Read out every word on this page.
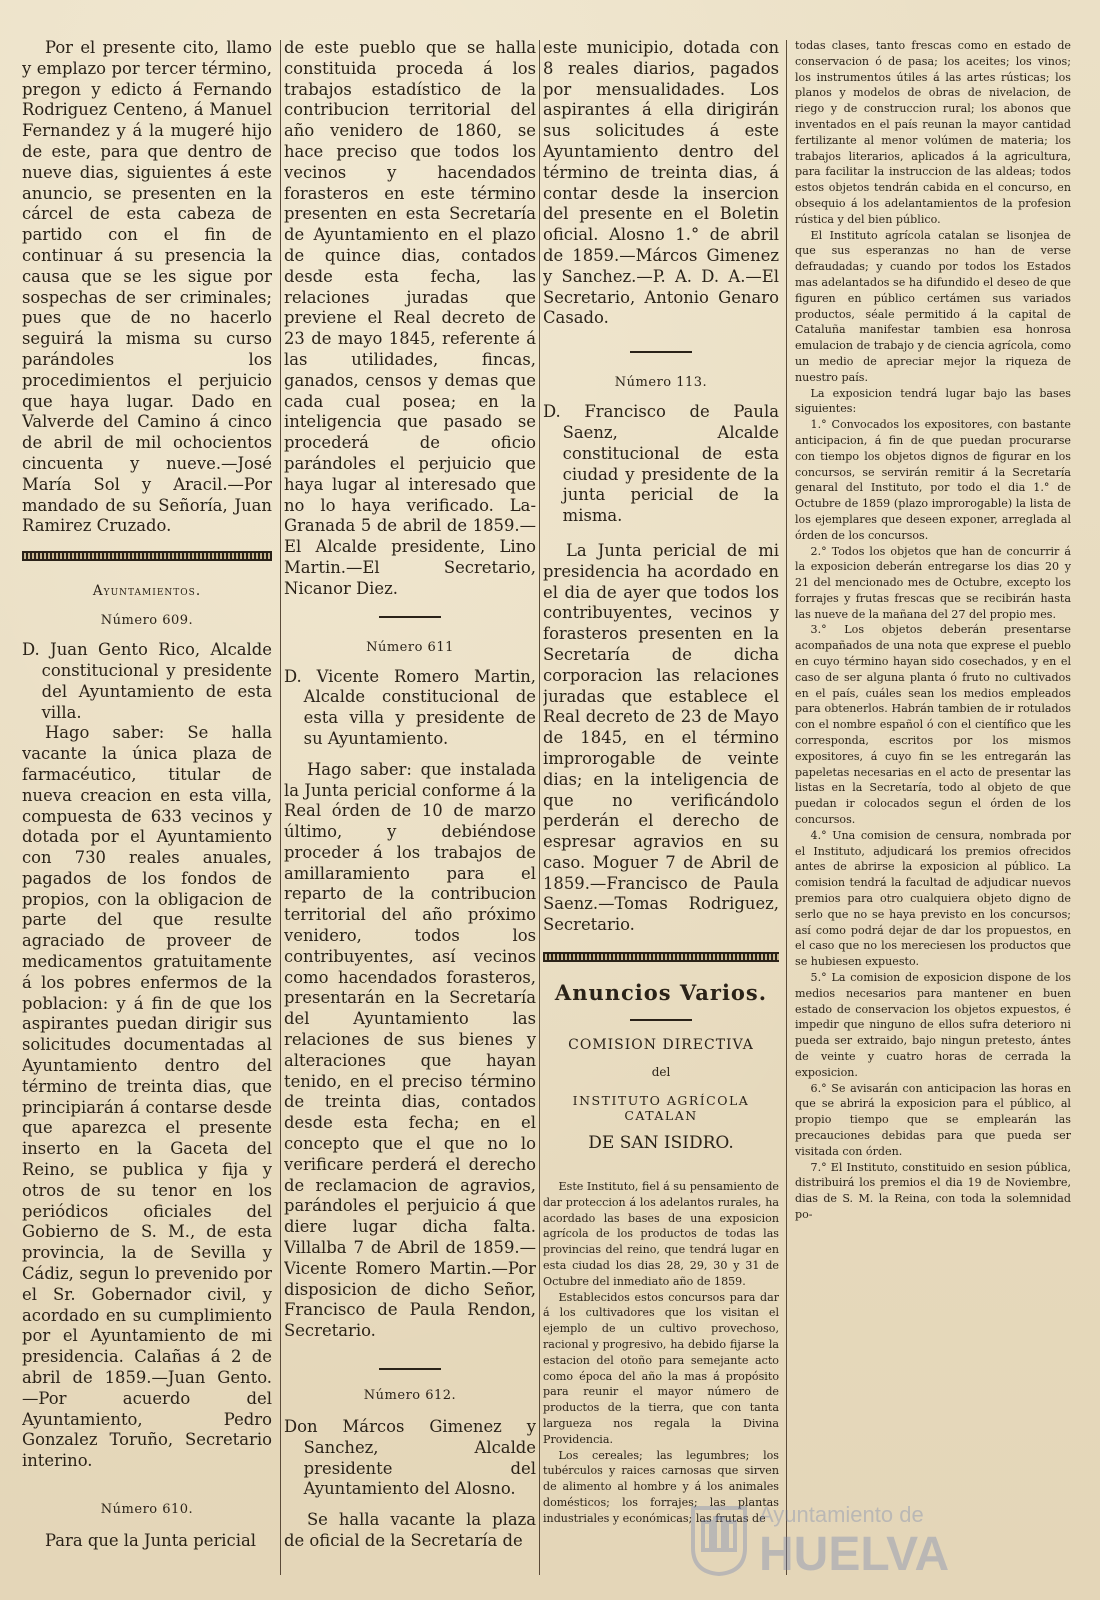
Por el presente cito, llamo y emplazo por tercer término, pregon y edicto á Fernando Rodriguez Centeno, á Manuel Fernandez y á la mugeré hijo de este, para que dentro de nueve dias, siguientes á este anuncio, se presenten en la cárcel de esta cabeza de partido con el fin de continuar á su presencia la causa que se les sigue por sospechas de ser criminales; pues que de no hacerlo seguirá la misma su curso parándoles los procedimientos el perjuicio que haya lugar. Dado en Valverde del Camino á cinco de abril de mil ochocientos cincuenta y nueve.—José María Sol y Aracil.—Por mandado de su Señoría, Juan Ramirez Cruzado.

Ayuntamientos.
Número 609.

D. Juan Gento Rico, Alcalde constitucional y presidente del Ayuntamiento de esta villa.

Hago saber: Se halla vacante la única plaza de farmacéutico, titular de nueva creacion en esta villa, compuesta de 633 vecinos y dotada por el Ayuntamiento con 730 reales anuales, pagados de los fondos de propios, con la obligacion de parte del que resulte agraciado de proveer de medicamentos gratuitamente á los pobres enfermos de la poblacion: y á fin de que los aspirantes puedan dirigir sus solicitudes documentadas al Ayuntamiento dentro del término de treinta dias, que principiarán á contarse desde que aparezca el presente inserto en la Gaceta del Reino, se publica y fija y otros de su tenor en los periódicos oficiales del Gobierno de S. M., de esta provincia, la de Sevilla y Cádiz, segun lo prevenido por el Sr. Gobernador civil, y acordado en su cumplimiento por el Ayuntamiento de mi presidencia. Calañas á 2 de abril de 1859.—Juan Gento. —Por acuerdo del Ayuntamiento, Pedro Gonzalez Toruño, Secretario interino.

Número 610.

Para que la Junta pericial

de este pueblo que se halla constituida proceda á los trabajos estadístico de la contribucion territorial del año venidero de 1860, se hace preciso que todos los vecinos y hacendados forasteros en este término presenten en esta Secretaría de Ayuntamiento en el plazo de quince dias, contados desde esta fecha, las relaciones juradas que previene el Real decreto de 23 de mayo 1845, referente á las utilidades, fincas, ganados, censos y demas que cada cual posea; en la inteligencia que pasado se procederá de oficio parándoles el perjuicio que haya lugar al interesado que no lo haya verificado. La-Granada 5 de abril de 1859.—El Alcalde presidente, Lino Martin.—El Secretario, Nicanor Diez.

Número 611

D. Vicente Romero Martin, Alcalde constitucional de esta villa y presidente de su Ayuntamiento.

Hago saber: que instalada la Junta pericial conforme á la Real órden de 10 de marzo último, y debiéndose proceder á los trabajos de amillaramiento para el reparto de la contribucion territorial del año próximo venidero, todos los contribuyentes, así vecinos como hacendados forasteros, presentarán en la Secretaría del Ayuntamiento las relaciones de sus bienes y alteraciones que hayan tenido, en el preciso término de treinta dias, contados desde esta fecha; en el concepto que el que no lo verificare perderá el derecho de reclamacion de agravios, parándoles el perjuicio á que diere lugar dicha falta. Villalba 7 de Abril de 1859.—Vicente Romero Martin.—Por disposicion de dicho Señor, Francisco de Paula Rendon, Secretario.

Número 612.

Don Márcos Gimenez y Sanchez, Alcalde presidente del Ayuntamiento del Alosno.

Se halla vacante la plaza de oficial de la Secretaría de

este municipio, dotada con 8 reales diarios, pagados por mensualidades. Los aspirantes á ella dirigirán sus solicitudes á este Ayuntamiento dentro del término de treinta dias, á contar desde la insercion del presente en el Boletin oficial. Alosno 1.° de abril de 1859.—Márcos Gimenez y Sanchez.—P. A. D. A.—El Secretario, Antonio Genaro Casado.

Número 113.

D. Francisco de Paula Saenz, Alcalde constitucional de esta ciudad y presidente de la junta pericial de la misma.

La Junta pericial de mi presidencia ha acordado en el dia de ayer que todos los contribuyentes, vecinos y forasteros presenten en la Secretaría de dicha corporacion las relaciones juradas que establece el Real decreto de 23 de Mayo de 1845, en el término improrogable de veinte dias; en la inteligencia de que no verificándolo perderán el derecho de espresar agravios en su caso. Moguer 7 de Abril de 1859.—Francisco de Paula Saenz.—Tomas Rodriguez, Secretario.

Anuncios Varios.
COMISION DIRECTIVA
del
INSTITUTO AGRÍCOLA CATALAN
DE SAN ISIDRO.

Este Instituto, fiel á su pensamiento de dar proteccion á los adelantos rurales, ha acordado las bases de una exposicion agrícola de los productos de todas las provincias del reino, que tendrá lugar en esta ciudad los dias 28, 29, 30 y 31 de Octubre del inmediato año de 1859.

Establecidos estos concursos para dar á los cultivadores que los visitan el ejemplo de un cultivo provechoso, racional y progresivo, ha debido fijarse la estacion del otoño para semejante acto como época del año la mas á propósito para reunir el mayor número de productos de la tierra, que con tanta largueza nos regala la Divina Providencia.

Los cereales; las legumbres; los tubérculos y raices carnosas que sirven de alimento al hombre y á los animales domésticos; los forrajes; las plantas industriales y económicas; las frutas de

todas clases, tanto frescas como en estado de conservacion ó de pasa; los aceites; los vinos; los instrumentos útiles á las artes rústicas; los planos y modelos de obras de nivelacion, de riego y de construccion rural; los abonos que inventados en el país reunan la mayor cantidad fertilizante al menor volúmen de materia; los trabajos literarios, aplicados á la agricultura, para facilitar la instruccion de las aldeas; todos estos objetos tendrán cabida en el concurso, en obsequio á los adelantamientos de la profesion rústica y del bien público.

El Instituto agrícola catalan se lisonjea de que sus esperanzas no han de verse defraudadas; y cuando por todos los Estados mas adelantados se ha difundido el deseo de que figuren en público certámen sus variados productos, séale permitido á la capital de Cataluña manifestar tambien esa honrosa emulacion de trabajo y de ciencia agrícola, como un medio de apreciar mejor la riqueza de nuestro país.

La exposicion tendrá lugar bajo las bases siguientes:

1.° Convocados los expositores, con bastante anticipacion, á fin de que puedan procurarse con tiempo los objetos dignos de figurar en los concursos, se servirán remitir á la Secretaría genaral del Instituto, por todo el dia 1.° de Octubre de 1859 (plazo improrogable) la lista de los ejemplares que deseen exponer, arreglada al órden de los concursos.

2.° Todos los objetos que han de concurrir á la exposicion deberán entregarse los dias 20 y 21 del mencionado mes de Octubre, excepto los forrajes y frutas frescas que se recibirán hasta las nueve de la mañana del 27 del propio mes.

3.° Los objetos deberán presentarse acompañados de una nota que exprese el pueblo en cuyo término hayan sido cosechados, y en el caso de ser alguna planta ó fruto no cultivados en el país, cuáles sean los medios empleados para obtenerlos. Habrán tambien de ir rotulados con el nombre español ó con el científico que les corresponda, escritos por los mismos expositores, á cuyo fin se les entregarán las papeletas necesarias en el acto de presentar las listas en la Secretaría, todo al objeto de que puedan ir colocados segun el órden de los concursos.

4.° Una comision de censura, nombrada por el Instituto, adjudicará los premios ofrecidos antes de abrirse la exposicion al público. La comision tendrá la facultad de adjudicar nuevos premios para otro cualquiera objeto digno de serlo que no se haya previsto en los concursos; así como podrá dejar de dar los propuestos, en el caso que no los mereciesen los productos que se hubiesen expuesto.

5.° La comision de exposicion dispone de los medios necesarios para mantener en buen estado de conservacion los objetos expuestos, é impedir que ninguno de ellos sufra deterioro ni pueda ser extraido, bajo ningun pretesto, ántes de veinte y cuatro horas de cerrada la exposicion.

6.° Se avisarán con anticipacion las horas en que se abrirá la exposicion para el público, al propio tiempo que se emplearán las precauciones debidas para que pueda ser visitada con órden.

7.° El Instituto, constituido en sesion pública, distribuirá los premios el dia 19 de Noviembre, dias de S. M. la Reina, con toda la solemnidad po-

Ayuntamiento de
HUELVA
